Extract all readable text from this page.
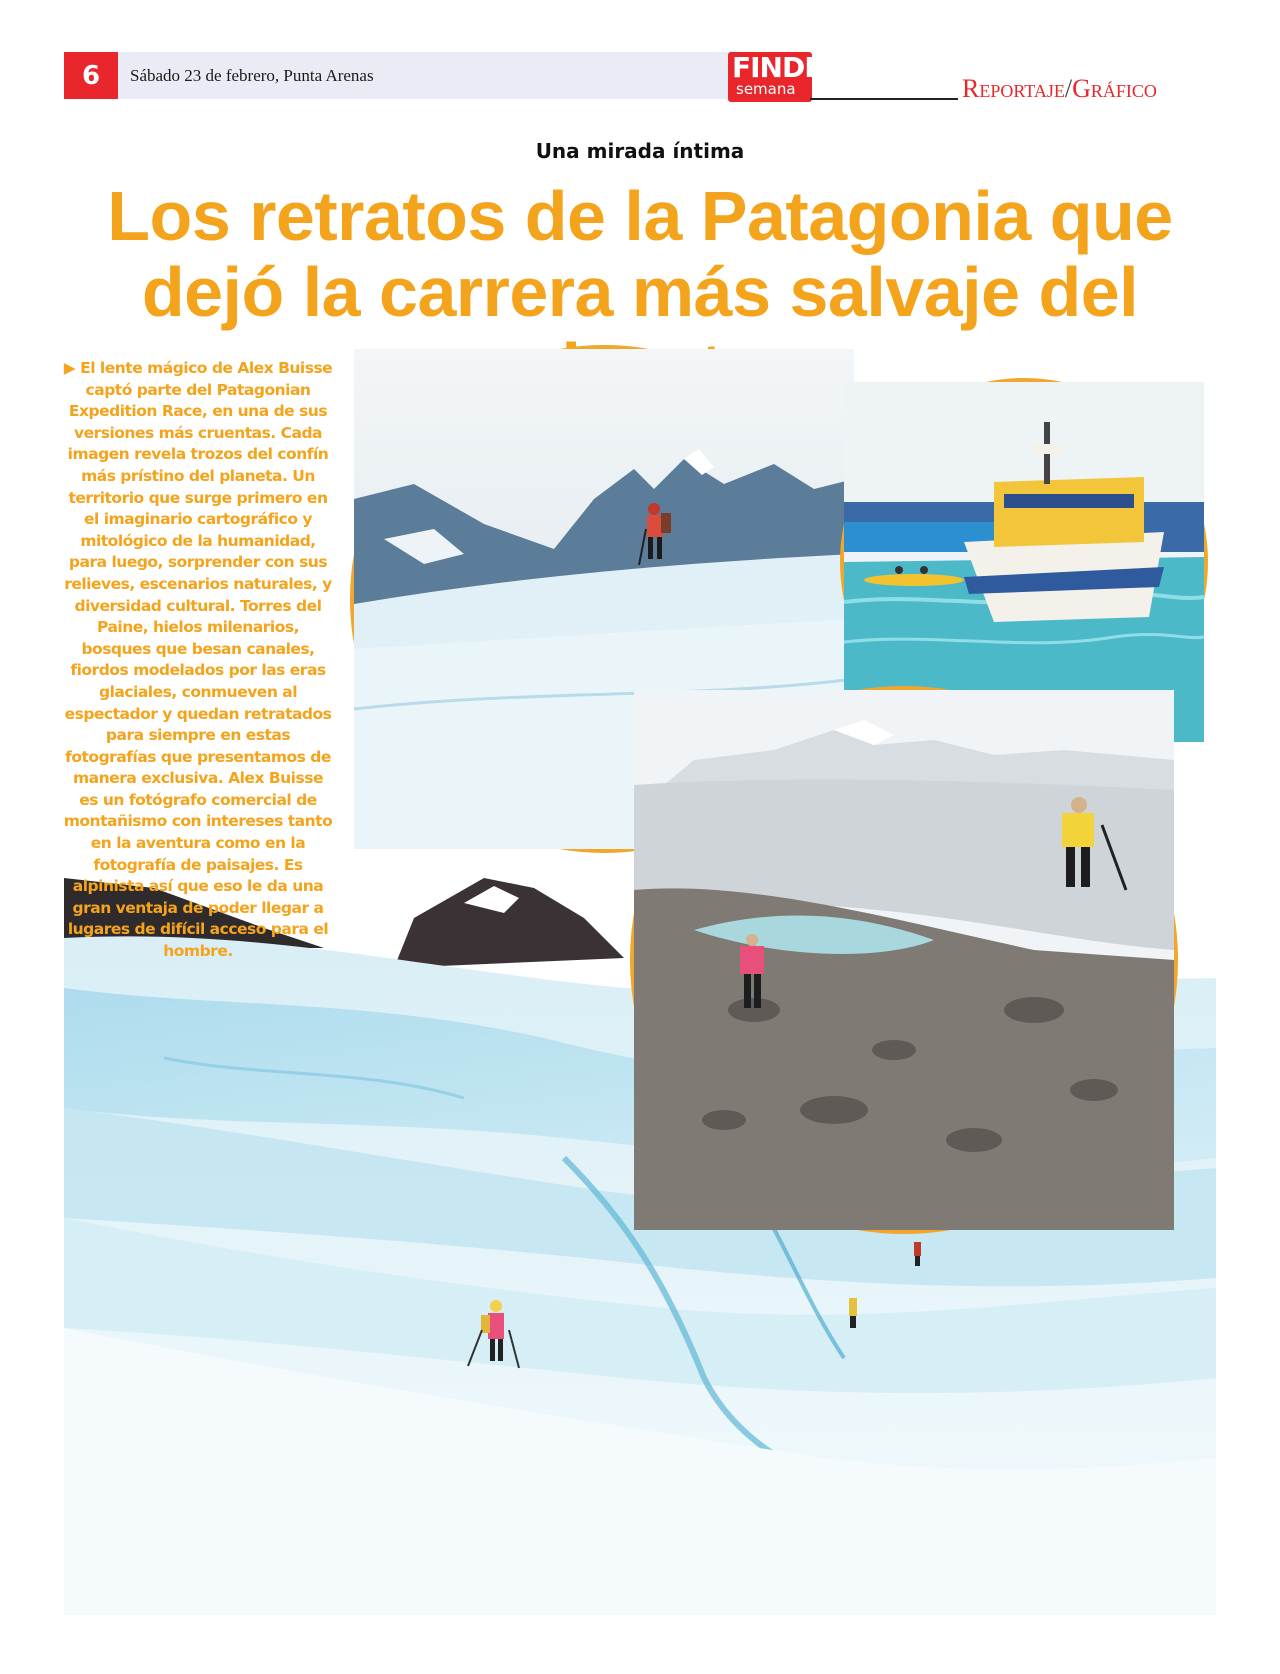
6	Sábado 23 de febrero, Punta Arenas	FINDE
semana	Reportaje/Gráfico
Una mirada íntima
Los retratos de la Patagonia que dejó la carrera más salvaje del
▶ El lente mágico de Alex Buisse captó parte del Patagonian Expedition Race, en una de sus versiones más cruentas. Cada imagen revela trozos del confín más prístino del planeta. Un territorio que surge primero en el imaginario cartográfico y mitológico de la humanidad, para luego, sorprender con sus relieves, escenarios naturales, y diversidad cultural. Torres del Paine, hielos milenarios, bosques que besan canales, fiordos modelados por las eras glaciales, conmueven al espectador y quedan retratados para siempre en estas fotografías que presentamos de manera exclusiva. Alex Buisse es un fotógrafo comercial de montañismo con intereses tanto en la aventura como en la fotografía de paisajes. Es alpinista así que eso le da una gran ventaja de poder llegar a lugares de difícil acceso para el hombre.
